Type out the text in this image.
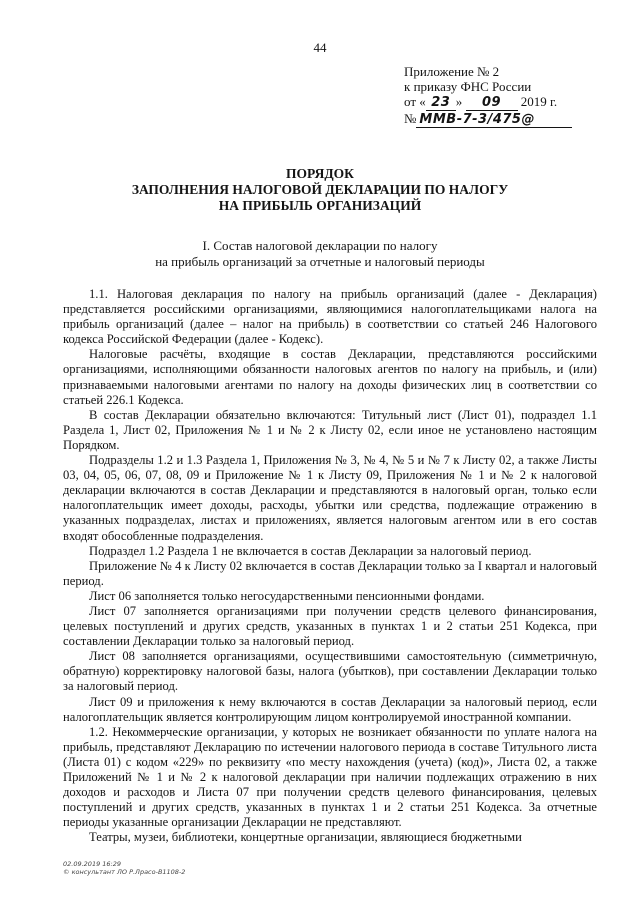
44
Приложение № 2
к приказу ФНС России
от « 23 » 09 2019 г.
№ ММВ-7-3/475@
ПОРЯДОК
ЗАПОЛНЕНИЯ НАЛОГОВОЙ ДЕКЛАРАЦИИ ПО НАЛОГУ
НА ПРИБЫЛЬ ОРГАНИЗАЦИЙ
I. Состав налоговой декларации по налогу
на прибыль организаций за отчетные и налоговый периоды

1.1. Налоговая декларация по налогу на прибыль организаций (далее - Декларация) представляется российскими организациями, являющимися налогоплательщиками налога на прибыль организаций (далее – налог на прибыль) в соответствии со статьей 246 Налогового кодекса Российской Федерации (далее - Кодекс).

Налоговые расчёты, входящие в состав Декларации, представляются российскими организациями, исполняющими обязанности налоговых агентов по налогу на прибыль, и (или) признаваемыми налоговыми агентами по налогу на доходы физических лиц в соответствии со статьей 226.1 Кодекса.

В состав Декларации обязательно включаются: Титульный лист (Лист 01), подраздел 1.1 Раздела 1, Лист 02, Приложения № 1 и № 2 к Листу 02, если иное не установлено настоящим Порядком.

Подразделы 1.2 и 1.3 Раздела 1, Приложения № 3, № 4, № 5 и № 7 к Листу 02, а также Листы 03, 04, 05, 06, 07, 08, 09 и Приложение № 1 к Листу 09, Приложения № 1 и № 2 к налоговой декларации включаются в состав Декларации и представляются в налоговый орган, только если налогоплательщик имеет доходы, расходы, убытки или средства, подлежащие отражению в указанных подразделах, листах и приложениях, является налоговым агентом или в его состав входят обособленные подразделения.

Подраздел 1.2 Раздела 1 не включается в состав Декларации за налоговый период.

Приложение № 4 к Листу 02 включается в состав Декларации только за I квартал и налоговый период.

Лист 06 заполняется только негосударственными пенсионными фондами.

Лист 07 заполняется организациями при получении средств целевого финансирования, целевых поступлений и других средств, указанных в пунктах 1 и 2 статьи 251 Кодекса, при составлении Декларации только за налоговый период.

Лист 08 заполняется организациями, осуществившими самостоятельную (симметричную, обратную) корректировку налоговой базы, налога (убытков), при составлении Декларации только за налоговый период.

Лист 09 и приложения к нему включаются в состав Декларации за налоговый период, если налогоплательщик является контролирующим лицом контролируемой иностранной компании.

1.2. Некоммерческие организации, у которых не возникает обязанности по уплате налога на прибыль, представляют Декларацию по истечении налогового периода в составе Титульного листа (Листа 01) с кодом «229» по реквизиту «по месту нахождения (учета) (код)», Листа 02, а также Приложений № 1 и № 2 к налоговой декларации при наличии подлежащих отражению в них доходов и расходов и Листа 07 при получении средств целевого финансирования, целевых поступлений и других средств, указанных в пунктах 1 и 2 статьи 251 Кодекса. За отчетные периоды указанные организации Декларации не представляют.

Театры, музеи, библиотеки, концертные организации, являющиеся бюджетными

02.09.2019 16:29
© консультант ЛО Р.Лрасо-В1108-2
